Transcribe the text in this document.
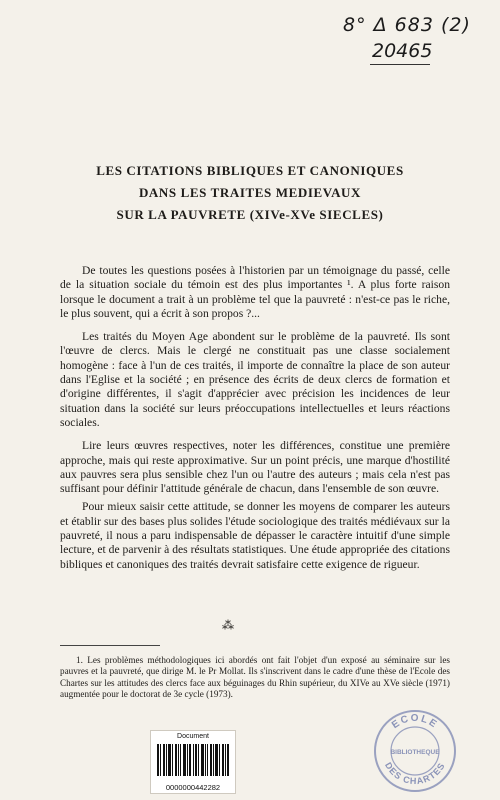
8° Δ 683 (2)
20465
LES CITATIONS BIBLIQUES ET CANONIQUES
DANS LES TRAITES MEDIEVAUX
SUR LA PAUVRETE (XIVe-XVe SIECLES)

De toutes les questions posées à l'historien par un témoignage du passé, celle de la situation sociale du témoin est des plus importantes ¹. A plus forte raison lorsque le document a trait à un problème tel que la pauvreté : n'est-ce pas le riche, le plus souvent, qui a écrit à son propos ?...

Les traités du Moyen Age abondent sur le problème de la pauvreté. Ils sont l'œuvre de clercs. Mais le clergé ne constituait pas une classe socialement homogène : face à l'un de ces traités, il importe de connaître la place de son auteur dans l'Eglise et la société ; en présence des écrits de deux clercs de formation et d'origine différentes, il s'agit d'apprécier avec précision les incidences de leur situation dans la société sur leurs préoccupations intellectuelles et leurs réactions sociales.

Lire leurs œuvres respectives, noter les différences, constitue une première approche, mais qui reste approximative. Sur un point précis, une marque d'hostilité aux pauvres sera plus sensible chez l'un ou l'autre des auteurs ; mais cela n'est pas suffisant pour définir l'attitude générale de chacun, dans l'ensemble de son œuvre.

Pour mieux saisir cette attitude, se donner les moyens de comparer les auteurs et établir sur des bases plus solides l'étude sociologique des traités médiévaux sur la pauvreté, il nous a paru indispensable de dépasser le caractère intuitif d'une simple lecture, et de parvenir à des résultats statistiques. Une étude appropriée des citations bibliques et canoniques des traités devrait satisfaire cette exigence de rigueur.

⁂

1. Les problèmes méthodologiques ici abordés ont fait l'objet d'un exposé au séminaire sur les pauvres et la pauvreté, que dirige M. le Pr Mollat. Ils s'inscrivent dans le cadre d'une thèse de l'Ecole des Chartes sur les attitudes des clercs face aux béguinages du Rhin supérieur, du XIVe au XVe siècle (1971) augmentée pour le doctorat de 3e cycle (1973).

Document
0000000442282
ECOLE
BIBLIOTHEQUE
DES CHARTES
